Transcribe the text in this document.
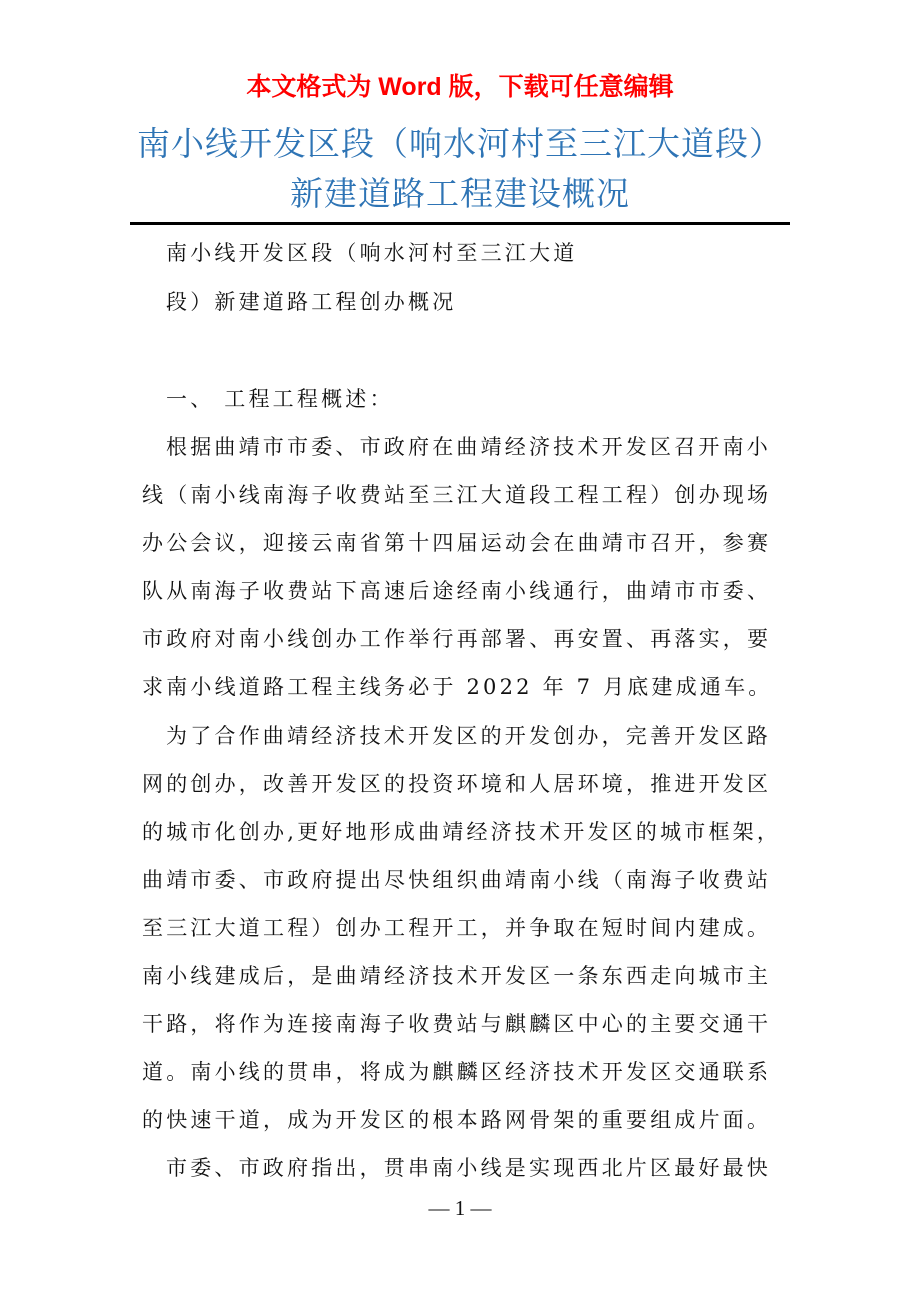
本文格式为 Word 版，下载可任意编辑
南小线开发区段（响水河村至三江大道段）
新建道路工程建设概况
南小线开发区段（响水河村至三江大道
段）新建道路工程创办概况
一、 工程工程概述：
根据曲靖市市委、市政府在曲靖经济技术开发区召开南小
线（南小线南海子收费站至三江大道段工程工程）创办现场
办公会议，迎接云南省第十四届运动会在曲靖市召开，参赛
队从南海子收费站下高速后途经南小线通行，曲靖市市委、
市政府对南小线创办工作举行再部署、再安置、再落实，要
求南小线道路工程主线务必于 2022 年 7 月底建成通车。
为了合作曲靖经济技术开发区的开发创办，完善开发区路
网的创办，改善开发区的投资环境和人居环境，推进开发区
的城市化创办,更好地形成曲靖经济技术开发区的城市框架，
曲靖市委、市政府提出尽快组织曲靖南小线（南海子收费站
至三江大道工程）创办工程开工，并争取在短时间内建成。
南小线建成后，是曲靖经济技术开发区一条东西走向城市主
干路，将作为连接南海子收费站与麒麟区中心的主要交通干
道。南小线的贯串，将成为麒麟区经济技术开发区交通联系
的快速干道，成为开发区的根本路网骨架的重要组成片面。
市委、市政府指出，贯串南小线是实现西北片区最好最快
— 1 —
